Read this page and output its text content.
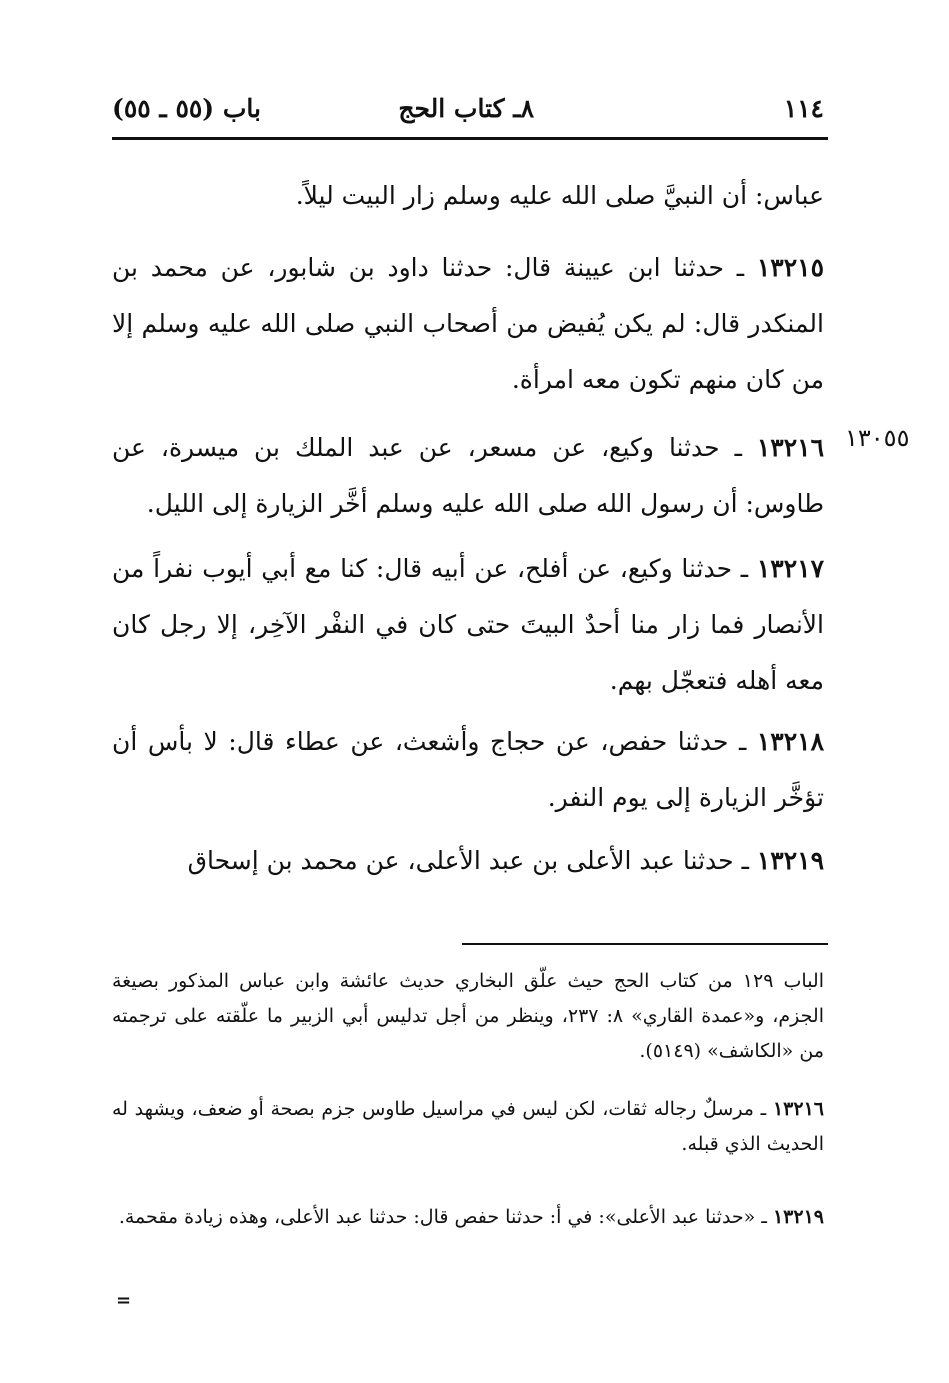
١١٤
٨ـ كتاب الحج
باب (٥٥ ـ ٥٥)

عباس: أن النبيَّ صلى الله عليه وسلم زار البيت ليلاً.

١٣٢١٥ ـ حدثنا ابن عيينة قال: حدثنا داود بن شابور، عن محمد بن المنكدر قال: لم يكن يُفيض من أصحاب النبي صلى الله عليه وسلم إلا من كان منهم تكون معه امرأة.

١٣٢١٦ ـ حدثنا وكيع، عن مسعر، عن عبد الملك بن ميسرة، عن طاوس: أن رسول الله صلى الله عليه وسلم أخَّر الزيارة إلى الليل.

١٣٠٥٥

١٣٢١٧ ـ حدثنا وكيع، عن أفلح، عن أبيه قال: كنا مع أبي أيوب نفراً من الأنصار فما زار منا أحدٌ البيتَ حتى كان في النفْر الآخِر، إلا رجل كان معه أهله فتعجّل بهم.

١٣٢١٨ ـ حدثنا حفص، عن حجاج وأشعث، عن عطاء قال: لا بأس أن تؤخَّر الزيارة إلى يوم النفر.

١٣٢١٩ ـ حدثنا عبد الأعلى بن عبد الأعلى، عن محمد بن إسحاق

الباب ١٢٩ من كتاب الحج حيث علّق البخاري حديث عائشة وابن عباس المذكور بصيغة الجزم، و«عمدة القاري» ٨: ٢٣٧، وينظر من أجل تدليس أبي الزبير ما علّقته على ترجمته من «الكاشف» (٥١٤٩).

١٣٢١٦ ـ مرسلٌ رجاله ثقات، لكن ليس في مراسيل طاوس جزم بصحة أو ضعف، ويشهد له الحديث الذي قبله.

١٣٢١٩ ـ «حدثنا عبد الأعلى»: في أ: حدثنا حفص قال: حدثنا عبد الأعلى، وهذه زيادة مقحمة.

=
